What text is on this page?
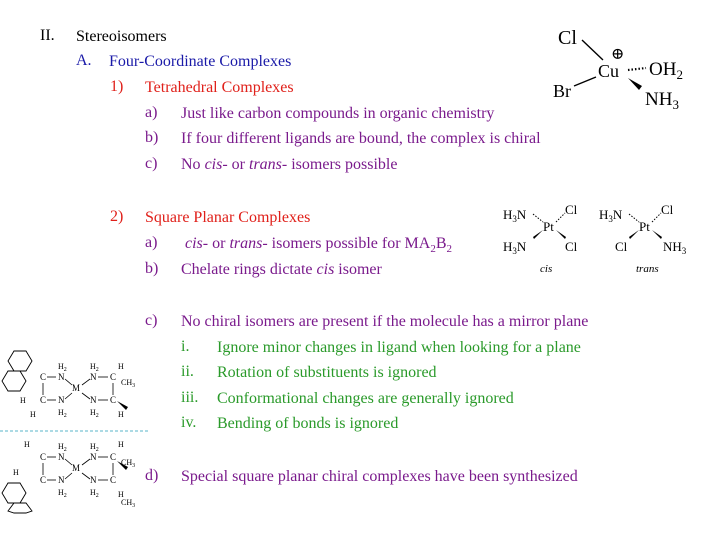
II. Stereoisomers
A. Four-Coordinate Complexes
1) Tetrahedral Complexes
a) Just like carbon compounds in organic chemistry
b) If four different ligands are bound, the complex is chiral
c) No cis- or trans- isomers possible
2) Square Planar Complexes
a) cis- or trans- isomers possible for $MA_2B_2$
b) Chelate rings dictate cis isomer
c) No chiral isomers are present if the molecule has a mirror plane
i. Ignore minor changes in ligand when looking for a plane
ii. Rotation of substituents is ignored
iii. Conformational changes are generally ignored
iv. Bending of bonds is ignored
d) Special square planar chiral complexes have been synthesized
Cl
⊕
Cu
Br
$OH_2$
$NH_3$
$H_3N$
Pt
Cl
$H_3N$	Cl
cis
$H_3N$
Pt
Cl
Cl	$NH_3$
trans
C
$H_2$
N
M
N
$H_2$
C
H
$CH_3$
H C N
$H_2$
H
N
$H_2$
C
H
H
C
$H_2$
N
M
N
$H_2$
C
H
H
C N
$H_2$
N
$H_2$
C
$CH_3$
H
$CH_3$
